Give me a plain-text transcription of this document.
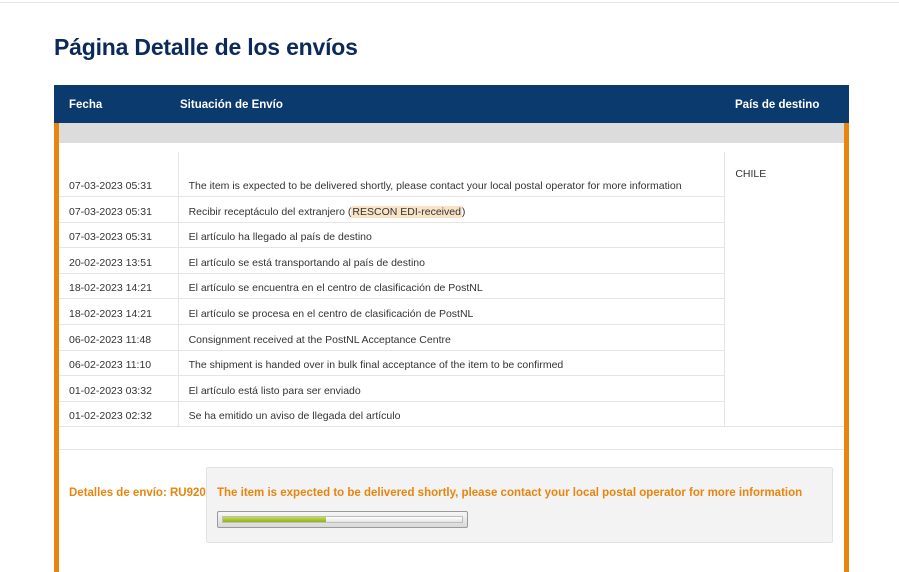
Página Detalle de los envíos
Fecha	Situación de Envío	País de destino
07-03-2023 05:31	The item is expected to be delivered shortly, please contact your local postal operator for more information	CHILE
07-03-2023 05:31	Recibir receptáculo del extranjero (RESCON EDI-received)	
07-03-2023 05:31	El artículo ha llegado al país de destino	
20-02-2023 13:51	El artículo se está transportando al país de destino	
18-02-2023 14:21	El artículo se encuentra en el centro de clasificación de PostNL	
18-02-2023 14:21	El artículo se procesa en el centro de clasificación de PostNL	
06-02-2023 11:48	Consignment received at the PostNL Acceptance Centre	
06-02-2023 11:10	The shipment is handed over in bulk final acceptance of the item to be confirmed	
01-02-2023 03:32	El artículo está listo para ser enviado	
01-02-2023 02:32	Se ha emitido un aviso de llegada del artículo	
Detalles de envío: RU920 The item is expected to be delivered shortly, please contact your local postal operator for more information
